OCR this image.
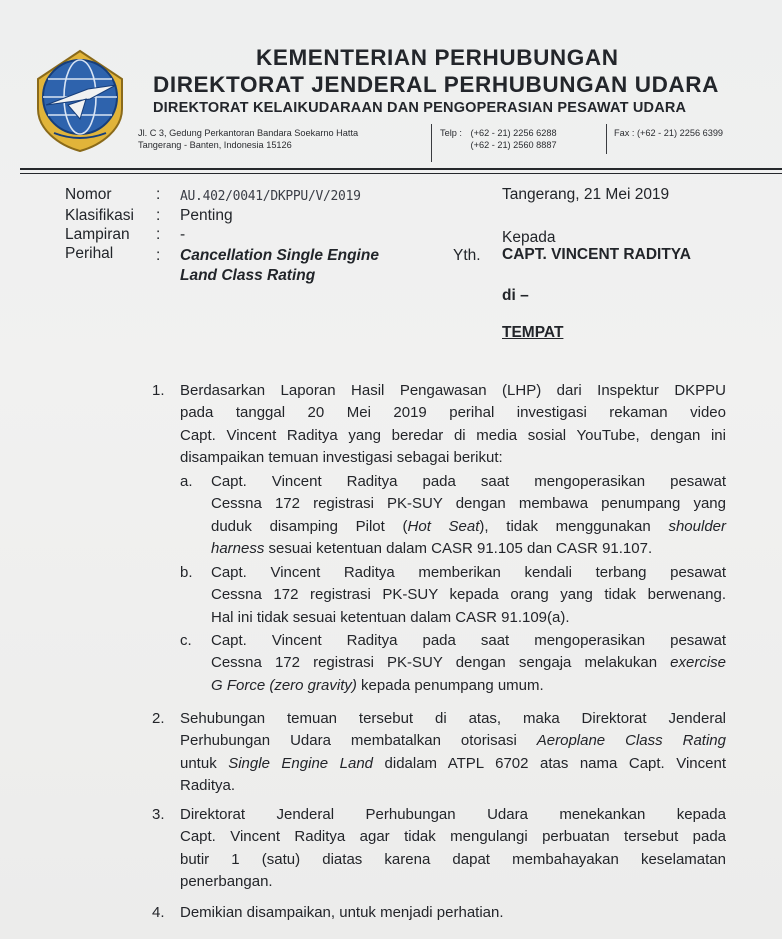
KEMENTERIAN PERHUBUNGAN
DIREKTORAT JENDERAL PERHUBUNGAN UDARA
DIREKTORAT KELAIKUDARAAN DAN PENGOPERASIAN PESAWAT UDARA
Jl. C 3, Gedung Perkantoran Bandara Soekarno Hatta
Tangerang - Banten, Indonesia 15126
Telp : (+62 - 21) 2256 6288
(+62 - 21) 2560 8887
Fax : (+62 - 21) 2256 6399
Nomor	: AU.402/0041/DKPPU/V/2019
Klasifikasi : Penting
Lampiran : -
Perihal	: Cancellation Single Engine
Land Class Rating
Tangerang, 21 Mei 2019
Kepada
Yth. CAPT. VINCENT RADITYA
di –
TEMPAT
1. Berdasarkan Laporan Hasil Pengawasan (LHP) dari Inspektur DKPPU
pada tanggal 20 Mei 2019 perihal investigasi rekaman video
Capt. Vincent Raditya yang beredar di media sosial YouTube, dengan ini
disampaikan temuan investigasi sebagai berikut:
a. Capt. Vincent Raditya pada saat mengoperasikan pesawat
Cessna 172 registrasi PK-SUY dengan membawa penumpang yang
duduk disamping Pilot (Hot Seat), tidak menggunakan shoulder
harness sesuai ketentuan dalam CASR 91.105 dan CASR 91.107.
b. Capt. Vincent Raditya memberikan kendali terbang pesawat
Cessna 172 registrasi PK-SUY kepada orang yang tidak berwenang.
Hal ini tidak sesuai ketentuan dalam CASR 91.109(a).
c. Capt. Vincent Raditya pada saat mengoperasikan pesawat
Cessna 172 registrasi PK-SUY dengan sengaja melakukan exercise
G Force (zero gravity) kepada penumpang umum.
2. Sehubungan temuan tersebut di atas, maka Direktorat Jenderal
Perhubungan Udara membatalkan otorisasi Aeroplane Class Rating
untuk Single Engine Land didalam ATPL 6702 atas nama Capt. Vincent
Raditya.
3. Direktorat Jenderal Perhubungan Udara menekankan kepada
Capt. Vincent Raditya agar tidak mengulangi perbuatan tersebut pada
butir 1 (satu) diatas karena dapat membahayakan keselamatan
penerbangan.
4. Demikian disampaikan, untuk menjadi perhatian.
